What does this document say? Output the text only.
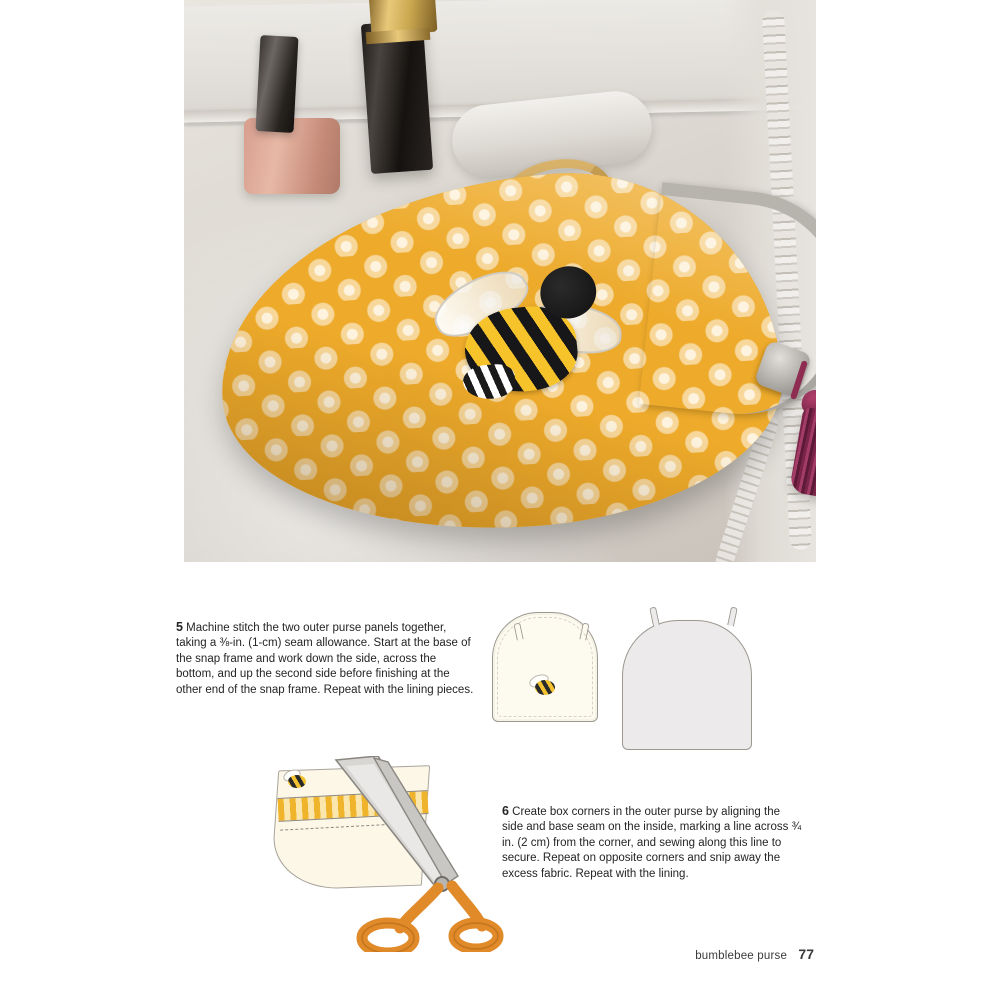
5 Machine stitch the two outer purse panels together, taking a ⅜-in. (1-cm) seam allowance. Start at the base of the snap frame and work down the side, across the bottom, and up the second side before finishing at the other end of the snap frame. Repeat with the lining pieces.

6 Create box corners in the outer purse by aligning the side and base seam on the inside, marking a line across ¾ in. (2 cm) from the corner, and sewing along this line to secure. Repeat on opposite corners and snip away the excess fabric. Repeat with the lining.

bumblebee purse 77
